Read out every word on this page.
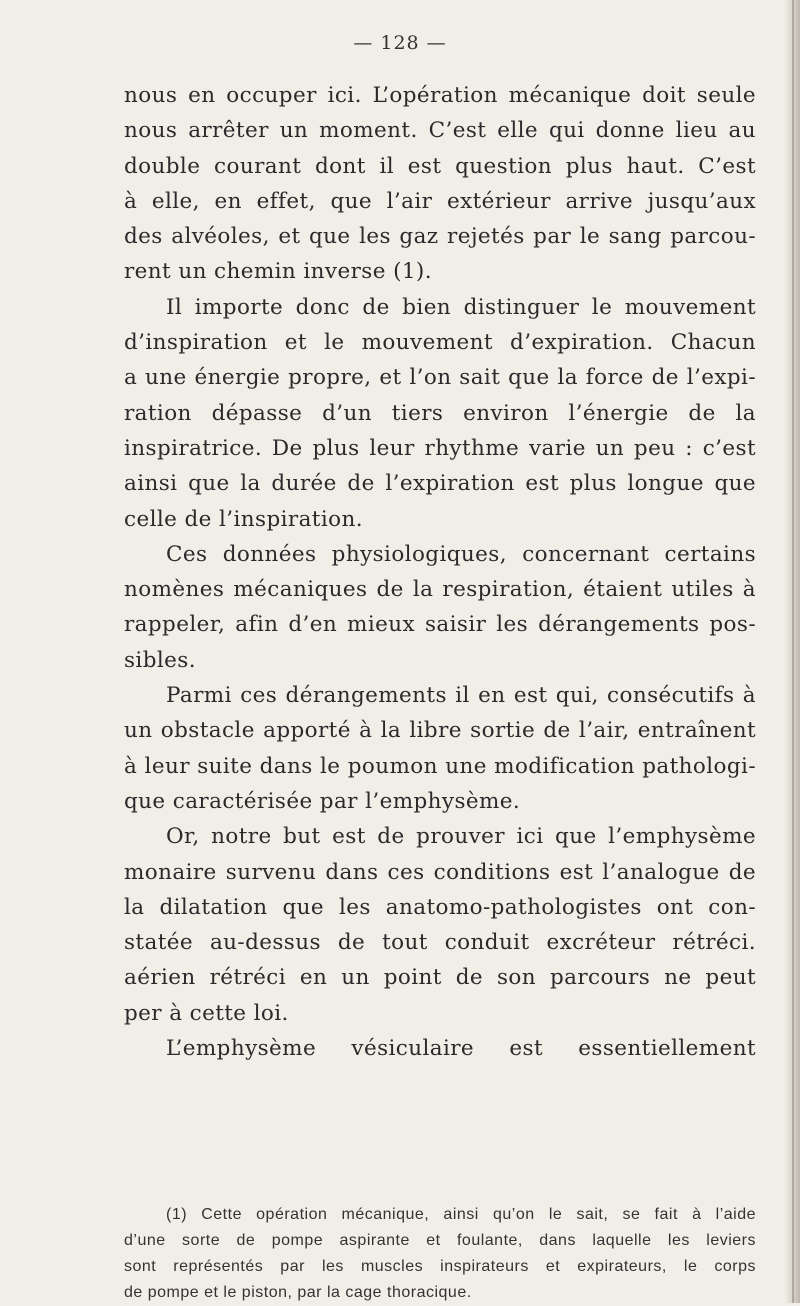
— 128 —
nous en occuper ici. L’opération mécanique doit seule
nous arrêter un moment. C’est elle qui donne lieu au
double courant dont il est question plus haut. C’est
à elle, en effet, que l’air extérieur arrive jusqu’aux
des alvéoles, et que les gaz rejetés par le sang parcou-
rent un chemin inverse (1).
Il importe donc de bien distinguer le mouvement
d’inspiration et le mouvement d’expiration. Chacun
a une énergie propre, et l’on sait que la force de l’expi-
ration dépasse d’un tiers environ l’énergie de la
inspiratrice. De plus leur rhythme varie un peu : c’est
ainsi que la durée de l’expiration est plus longue que
celle de l’inspiration.
Ces données physiologiques, concernant certains
nomènes mécaniques de la respiration, étaient utiles à
rappeler, afin d’en mieux saisir les dérangements pos-
sibles.
Parmi ces dérangements il en est qui, consécutifs à
un obstacle apporté à la libre sortie de l’air, entraînent
à leur suite dans le poumon une modification pathologi-
que caractérisée par l’emphysème.
Or, notre but est de prouver ici que l’emphysème
monaire survenu dans ces conditions est l’analogue de
la dilatation que les anatomo-pathologistes ont con-
statée au-dessus de tout conduit excréteur rétréci.
aérien rétréci en un point de son parcours ne peut
per à cette loi.
L’emphysème vésiculaire est essentiellement
(1) Cette opération mécanique, ainsi qu’on le sait, se fait à l’aide
d’une sorte de pompe aspirante et foulante, dans laquelle les leviers
sont représentés par les muscles inspirateurs et expirateurs, le corps
de pompe et le piston, par la cage thoracique.
